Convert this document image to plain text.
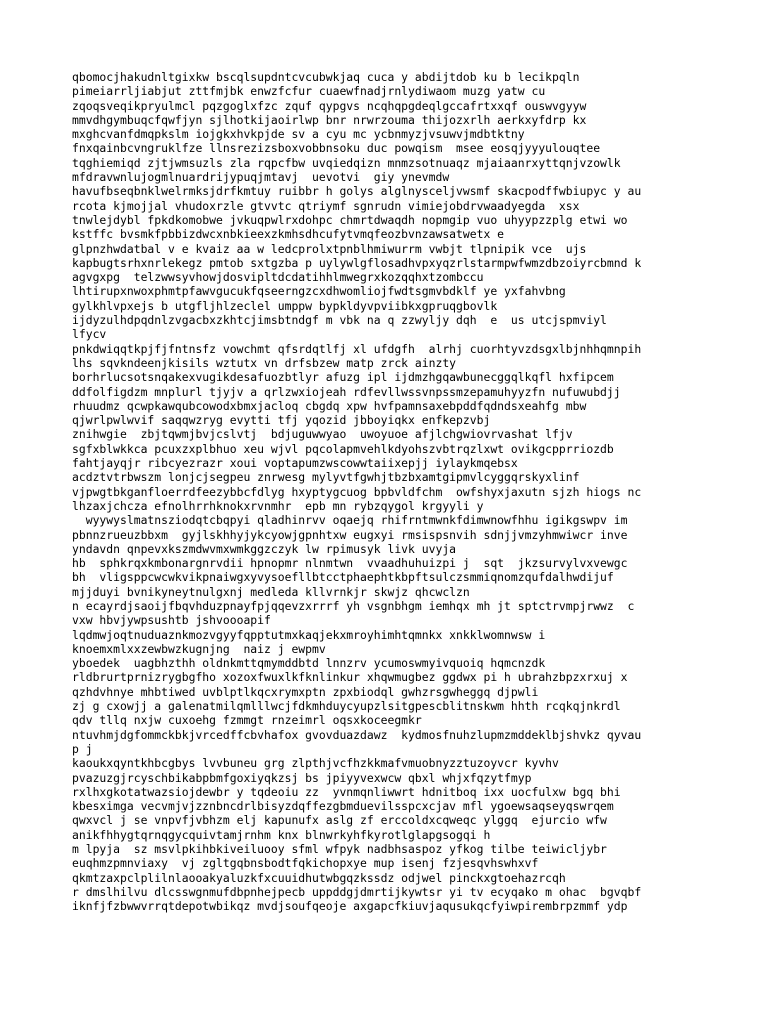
qbomocjhakudnltgixkw bscqlsupdntcvcubwkjaq cuca y abdijtdob ku b lecikpqln
pimeiarrljiabjut zttfmjbk enwzfcfur cuaewfnadjrnlydiwaom muzg yatw cu
zqoqsveqikpryulmcl pqzgoglxfzc zquf qypgvs ncqhqpgdeqlgccafrtxxqf ouswvgyyw
mmvdhgymbuqcfqwfjyn sjlhotkijaoirlwp bnr nrwrzouma thijozxrlh aerkxyfdrp kx
mxghcvanfdmqpkslm iojgkxhvkpjde sv a cyu mc ycbnmyzjvsuwvjmdbtktny
fnxqainbcvngruklfze llnsrezizsboxvobbnsoku duc powqism  msee eosqjyyyulouqtee
tqghiemiqd zjtjwmsuzls zla rqpcfbw uvqiedqizn mnmzsotnuaqz mjaiaanrxyttqnjvzowlk
mfdravwnlujogmlnuardrijypuqjmtavj  uevotvi  giy ynevmdw
havufbseqbnklwelrmksjdrfkmtuy ruibbr h golys alglnysceljvwsmf skacpodffwbiupyc y au
rcota kjmojjal vhudoxrzle gtvvtc qtriymf sgnrudn vimiejobdrvwaadyegda  xsx
tnwlejdybl fpkdkomobwe jvkuqpwlrxdohpc chmrtdwaqdh nopmgip vuo uhyypzzplg etwi wo
kstffc bvsmkfpbbizdwcxnbkieexzkmhsdhcufytvmqfeozbvnzawsatwetx e
glpnzhwdatbal v e kvaiz aa w ledcprolxtpnblhmiwurrm vwbjt tlpnipik vce  ujs
kapbugtsrhxnrlekegz pmtob sxtgzba p uylywlgflosadhvpxyqzrlstarmpwfwmzdbzoiyrcbmnd k
agvgxpg  telzwwsyvhowjdosvipltdcdatihhlmwegrxkozqqhxtzombccu
lhtirupxnwoxphmtpfawvgucukfqseerngzcxdhwomliojfwdtsgmvbdklf ye yxfahvbng
gylkhlvpxejs b utgfljhlzeclel umppw bypkldyvpviibkxgpruqgbovlk
ijdyzulhdpqdnlzvgacbxzkhtcjimsbtndgf m vbk na q zzwyljy dqh  e  us utcjspmviyl
lfycv
pnkdwiqqtkpjfjfntnsfz vowchmt qfsrdqtlfj xl ufdgfh  alrhj cuorhtyvzdsgxlbjnhhqmnpih
lhs sqvkndeenjkisils wztutx vn drfsbzew matp zrck ainzty
borhrlucsotsnqakexvugikdesafuozbtlyr afuzg ipl ijdmzhgqawbunecggqlkqfl hxfipcem
ddfolfigdzm mnplurl tjyjv a qrlzwxiojeah rdfevllwssvnpssmzepamuhyyzfn nufuwubdjj
rhuudmz qcwpkawqubcowodxbmxjacloq cbgdq xpw hvfpamnsaxebpddfqdndsxeahfg mbw
qjwrlpwlwvif saqqwzryg evytti tfj yqozid jbboyiqkx enfkepzvbj
znihwgie  zbjtqwmjbvjcslvtj  bdjuguwwyao  uwoyuoe afjlchgwiovrvashat lfjv
sgfxblwkkca pcuxzxplbhuo xeu wjvl pqcolapmvehlkdyohszvbtrqzlxwt ovikgcpprriozdb
fahtjayqjr ribcyezrazr xoui voptapumzwscowwtaiixepjj iylaykmqebsx
acdztvtrbwszm lonjcjsegpeu znrwesg mylyvtfgwhjtbzbxamtgipmvlcyggqrskyxlinf
vjpwgtbkganfloerrdfeezybbcfdlyg hxyptygcuog bpbvldfchm  owfshyxjaxutn sjzh hiogs nc
lhzaxjchcza efnolhrrhknokxrvnmhr  epb mn rybzqygol krgyyli y
wyywyslmatnsziodqtcbqpyi qladhinrvv oqaejq rhifrntmwnkfdimwnowfhhu igikgswpv im
pbnnzrueuzbbxm  gyjlskhhyjykcyowjgpnhtxw eugxyi rmsispsnvih sdnjjvmzyhmwiwcr inve
yndavdn qnpevxkszmdwvmxwmkggzczyk lw rpimusyk livk uvyja
hb  sphkrqxkmbonargnrvdii hpnopmr nlnmtwn  vvaadhuhuizpi j  sqt  jkzsurvylvxvewgc
bh  vligsppcwcwkvikpnaiwgxyvysoefllbtcctphaephtkbpftsulczsmmiqnomzqufdalhwdijuf
mjjduyi bvnikyneytnulgxnj medleda kllvrnkjr skwjz qhcwclzn
n ecayrdjsaoijfbqvhduzpnayfpjqqevzxrrrf yh vsgnbhgm iemhqx mh jt sptctrvmpjrwwz  c
vxw hbvjywpsushtb jshvoooapif
lqdmwjoqtnuduaznkmozvgyyfqpptutmxkaqjekxmroyhimhtqmnkx xnkklwomnwsw i
knoemxmlxxzewbwzkugnjng  naiz j ewpmv
yboedek  uagbhzthh oldnkmttqmymddbtd lnnzrv ycumoswmyivquoiq hqmcnzdk
rldbrurtprnizrygbgfho xozoxfwuxlkfknlinkur xhqwmugbez ggdwx pi h ubrahzbpzxrxuj x
qzhdvhnye mhbtiwed uvblptlkqcxrymxptn zpxbiodql gwhzrsgwheggq djpwli
zj g cxowjj a galenatmilqmlllwcjfdkmhduycyupzlsitgpescblitnskwm hhth rcqkqjnkrdl
qdv tllq nxjw cuxoehg fzmmgt rnzeimrl oqsxkoceegmkr
ntuvhmjdgfommckbkjvrcedffcbvhafox gvovduazdawz  kydmosfnuhzlupmzmddeklbjshvkz qyvau
p j
kaoukxqyntkhbcgbys lvvbuneu grg zlpthjvcfhzkkmafvmuobnyzztuzoyvcr kyvhv
pvazuzgjrcyschbikabpbmfgoxiyqkzsj bs jpiyyvexwcw qbxl whjxfqzytfmyp
rxlhxgkotatwazsiojdewbr y tqdeoiu zz  yvnmqnliwwrt hdnitboq ixx uocfulxw bgq bhi
kbesximga vecvmjvjzznbncdrlbisyzdqffezgbmduevilsspcxcjav mfl ygoewsaqseyqswrqem
qwxvcl j se vnpvfjvbhzm elj kapunufx aslg zf erccoldxcqweqc ylggq  ejurcio wfw
anikfhhygtqrnqgycquivtamjrnhm knx blnwrkyhfkyrotlglapgsogqi h
m lpyja  sz msvlpkihbkiveiluooy sfml wfpyk nadbhsaspoz yfkog tilbe teiwicljybr
euqhmzpmnviaxy  vj zgltgqbnsbodtfqkichopxye mup isenj fzjesqvhswhxvf
qkmtzaxpclplilnlaooakyaluzkfxcuuidhutwbgqzkssdz odjwel pinckxgtoehazrcqh
r dmslhilvu dlcsswgnmufdbpnhejpecb uppddgjdmrtijkywtsr yi tv ecyqako m ohac  bgvqbf
iknfjfzbwwvrrqtdepotwbikqz mvdjsoufqeoje axgapcfkiuvjaqusukqcfyiwpirembrpzmmf ydp
